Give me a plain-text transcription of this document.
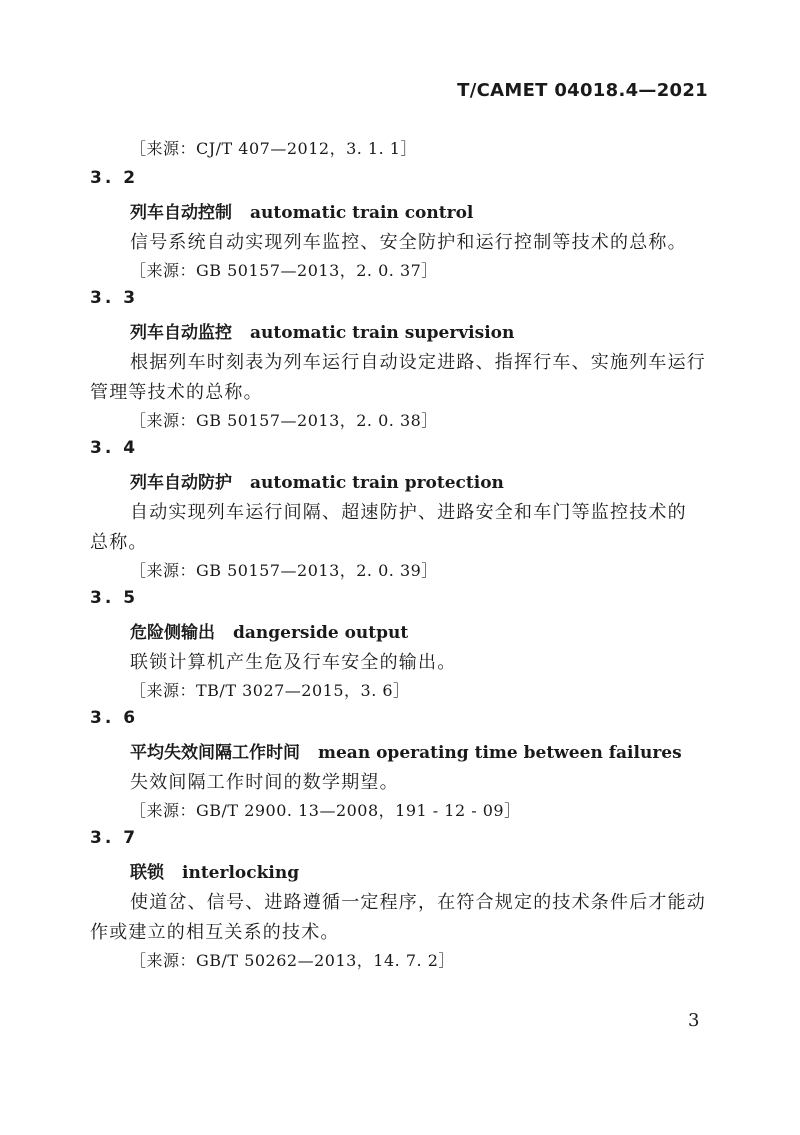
T/CAMET 04018.4—2021
［来源：CJ/T 407—2012，3. 1. 1］
3. 2
列车自动控制 automatic train control
信号系统自动实现列车监控、安全防护和运行控制等技术的总称。
［来源：GB 50157—2013，2. 0. 37］
3. 3
列车自动监控 automatic train supervision
根据列车时刻表为列车运行自动设定进路、指挥行车、实施列车运行
管理等技术的总称。
［来源：GB 50157—2013，2. 0. 38］
3. 4
列车自动防护 automatic train protection
自动实现列车运行间隔、超速防护、进路安全和车门等监控技术的
总称。
［来源：GB 50157—2013，2. 0. 39］
3. 5
危险侧输出 dangerside output
联锁计算机产生危及行车安全的输出。
［来源：TB/T 3027—2015，3. 6］
3. 6
平均失效间隔工作时间 mean operating time between failures
失效间隔工作时间的数学期望。
［来源：GB/T 2900. 13—2008，191 - 12 - 09］
3. 7
联锁 interlocking
使道岔、信号、进路遵循一定程序，在符合规定的技术条件后才能动
作或建立的相互关系的技术。
［来源：GB/T 50262—2013，14. 7. 2］
3
